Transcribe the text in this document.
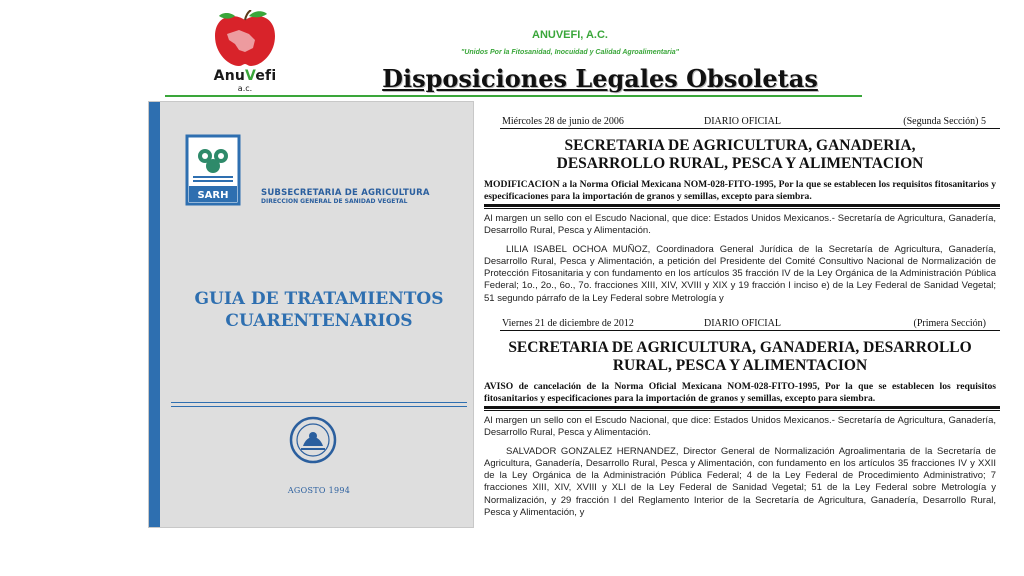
AnuVefi
a.c.
ANUVEFI, A.C.
"Unidos Por la Fitosanidad, Inocuidad y Calidad Agroalimentaria"
Disposiciones Legales Obsoletas
SARH	SUBSECRETARIA DE AGRICULTURA
DIRECCION GENERAL DE SANIDAD VEGETAL
GUIA DE TRATAMIENTOS
CUARENTENARIOS
AGOSTO 1994
Miércoles 28 de junio de 2006	DIARIO OFICIAL	(Segunda Sección) 5
SECRETARIA DE AGRICULTURA, GANADERIA,
DESARROLLO RURAL, PESCA Y ALIMENTACION
MODIFICACION a la Norma Oficial Mexicana NOM-028-FITO-1995, Por la que se establecen los requisitos fitosanitarios y especificaciones para la importación de granos y semillas, excepto para siembra.
Al margen un sello con el Escudo Nacional, que dice: Estados Unidos Mexicanos.- Secretaría de Agricultura, Ganadería, Desarrollo Rural, Pesca y Alimentación.
LILIA ISABEL OCHOA MUÑOZ, Coordinadora General Jurídica de la Secretaría de Agricultura, Ganadería, Desarrollo Rural, Pesca y Alimentación, a petición del Presidente del Comité Consultivo Nacional de Normalización de Protección Fitosanitaria y con fundamento en los artículos 35 fracción IV de la Ley Orgánica de la Administración Pública Federal; 1o., 2o., 6o., 7o. fracciones XIII, XIV, XVIII y XIX y 19 fracción I inciso e) de la Ley Federal de Sanidad Vegetal; 51 segundo párrafo de la Ley Federal sobre Metrología y
Viernes 21 de diciembre de 2012	DIARIO OFICIAL	(Primera Sección)
SECRETARIA DE AGRICULTURA, GANADERIA, DESARROLLO
RURAL, PESCA Y ALIMENTACION
AVISO de cancelación de la Norma Oficial Mexicana NOM-028-FITO-1995, Por la que se establecen los requisitos fitosanitarios y especificaciones para la importación de granos y semillas, excepto para siembra.
Al margen un sello con el Escudo Nacional, que dice: Estados Unidos Mexicanos.- Secretaría de Agricultura, Ganadería, Desarrollo Rural, Pesca y Alimentación.
SALVADOR GONZALEZ HERNANDEZ, Director General de Normalización Agroalimentaria de la Secretaría de Agricultura, Ganadería, Desarrollo Rural, Pesca y Alimentación, con fundamento en los artículos 35 fracciones IV y XXII de la Ley Orgánica de la Administración Pública Federal; 4 de la Ley Federal de Procedimiento Administrativo; 7 fracciones XIII, XIV, XVIII y XLI de la Ley Federal de Sanidad Vegetal; 51 de la Ley Federal sobre Metrología y Normalización, y 29 fracción I del Reglamento Interior de la Secretaría de Agricultura, Ganadería, Desarrollo Rural, Pesca y Alimentación, y
